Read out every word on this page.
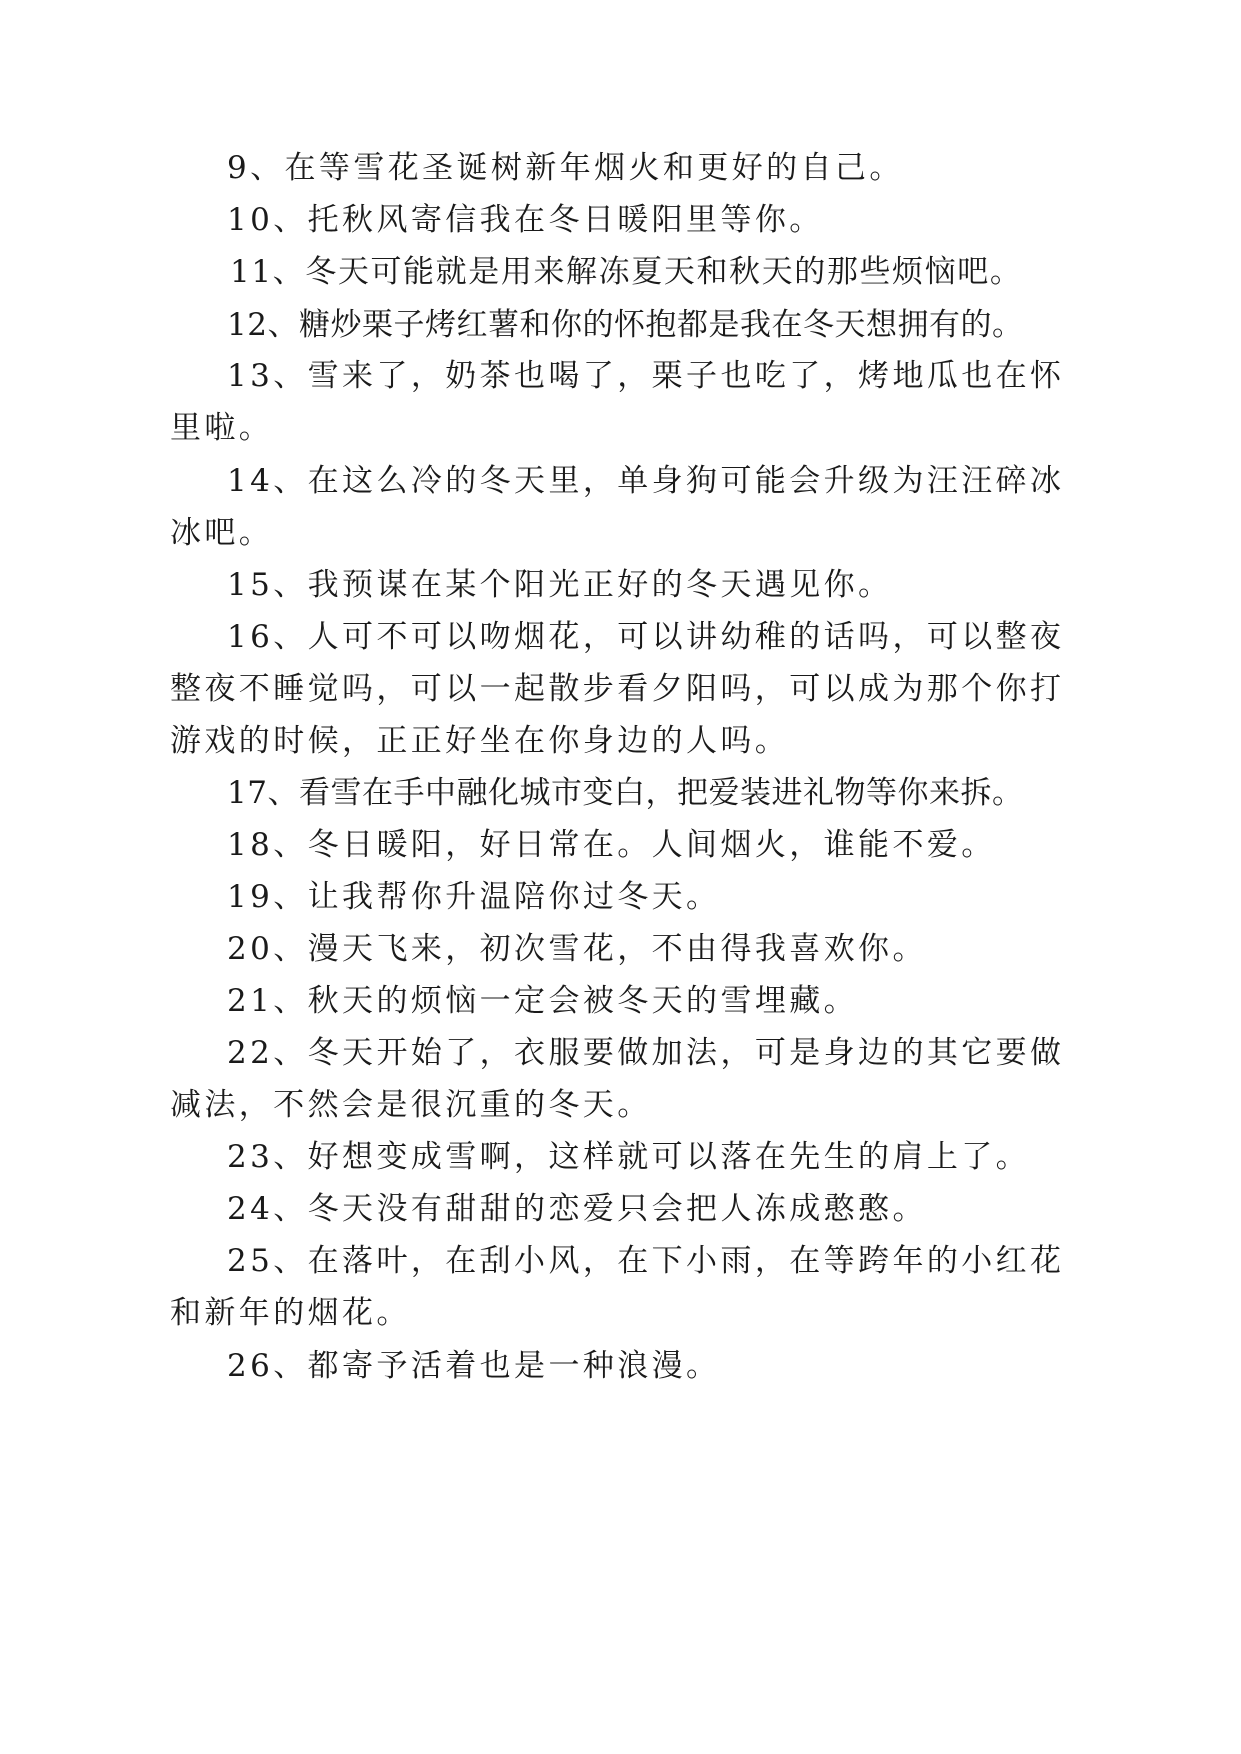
9、在等雪花圣诞树新年烟火和更好的自己。
10、托秋风寄信我在冬日暖阳里等你。
11、冬天可能就是用来解冻夏天和秋天的那些烦恼吧。
12、糖炒栗子烤红薯和你的怀抱都是我在冬天想拥有的。
13、雪来了，奶茶也喝了，栗子也吃了，烤地瓜也在怀
里啦。
14、在这么冷的冬天里，单身狗可能会升级为汪汪碎冰
冰吧。
15、我预谋在某个阳光正好的冬天遇见你。
16、人可不可以吻烟花，可以讲幼稚的话吗，可以整夜
整夜不睡觉吗，可以一起散步看夕阳吗，可以成为那个你打
游戏的时候，正正好坐在你身边的人吗。
17、看雪在手中融化城市变白，把爱装进礼物等你来拆。
18、冬日暖阳，好日常在。人间烟火，谁能不爱。
19、让我帮你升温陪你过冬天。
20、漫天飞来，初次雪花，不由得我喜欢你。
21、秋天的烦恼一定会被冬天的雪埋藏。
22、冬天开始了，衣服要做加法，可是身边的其它要做
减法，不然会是很沉重的冬天。
23、好想变成雪啊，这样就可以落在先生的肩上了。
24、冬天没有甜甜的恋爱只会把人冻成憨憨。
25、在落叶，在刮小风，在下小雨，在等跨年的小红花
和新年的烟花。
26、都寄予活着也是一种浪漫。
